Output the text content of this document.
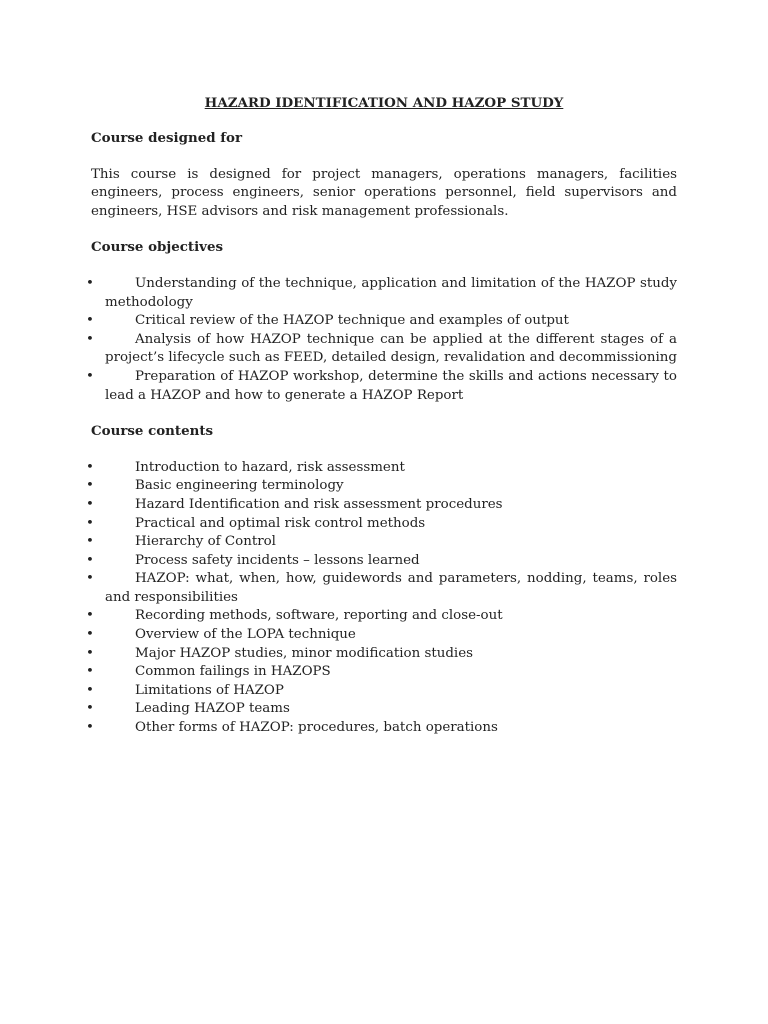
HAZARD IDENTIFICATION AND HAZOP STUDY

Course designed for

This course is designed for project managers, operations managers, facilities engineers, process engineers, senior operations personnel, field supervisors and engineers, HSE advisors and risk management professionals.

Course objectives

•	Understanding of the technique, application and limitation of the HAZOP study methodology
•	Critical review of the HAZOP technique and examples of output
•	Analysis of how HAZOP technique can be applied at the different stages of a project’s lifecycle such as FEED, detailed design, revalidation and decommissioning
•	Preparation of HAZOP workshop, determine the skills and actions necessary to lead a HAZOP and how to generate a HAZOP Report

Course contents

•	Introduction to hazard, risk assessment
•	Basic engineering terminology
•	Hazard Identification and risk assessment procedures
•	Practical and optimal risk control methods
•	Hierarchy of Control
•	Process safety incidents – lessons learned
•	HAZOP: what, when, how, guidewords and parameters, nodding, teams, roles and responsibilities
•	Recording methods, software, reporting and close-out
•	Overview of the LOPA technique
•	Major HAZOP studies, minor modification studies
•	Common failings in HAZOPS
•	Limitations of HAZOP
•	Leading HAZOP teams
•	Other forms of HAZOP: procedures, batch operations
